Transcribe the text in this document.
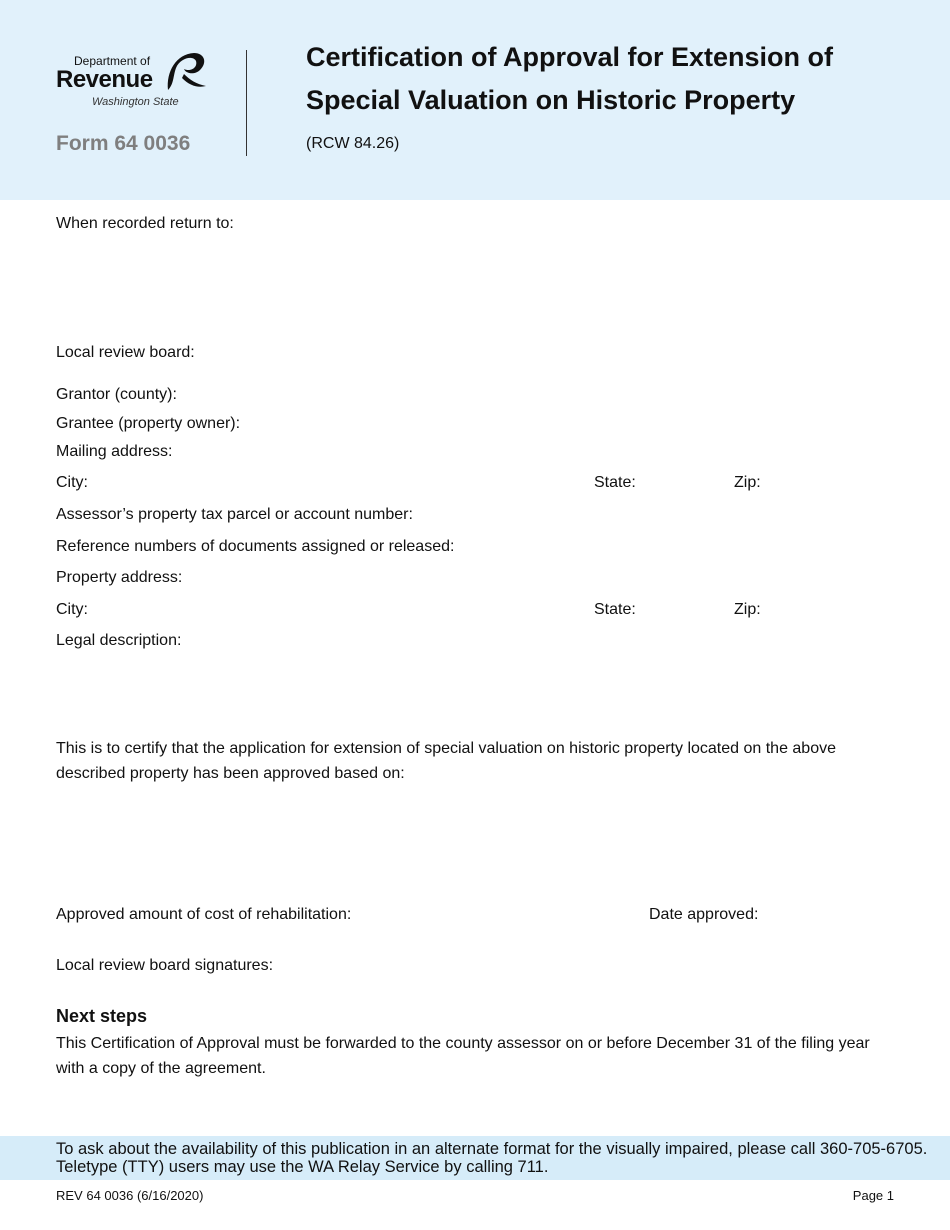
Department of
Revenue
Washington State
Form 64 0036
Certification of Approval for Extension of
Special Valuation on Historic Property
(RCW 84.26)
When recorded return to:
Local review board:
Grantor (county):
Grantee (property owner):
Mailing address:
City:	State:	Zip:
Assessor’s property tax parcel or account number:
Reference numbers of documents assigned or released:
Property address:
City:	State:	Zip:
Legal description:
This is to certify that the application for extension of special valuation on historic property located on the above described property has been approved based on:
Approved amount of cost of rehabilitation:	Date approved:
Local review board signatures:
Next steps
This Certification of Approval must be forwarded to the county assessor on or before December 31 of the filing year with a copy of the agreement.
To ask about the availability of this publication in an alternate format for the visually impaired, please call 360-705-6705. Teletype (TTY) users may use the WA Relay Service by calling 711.
REV 64 0036 (6/16/2020)	Page 1
